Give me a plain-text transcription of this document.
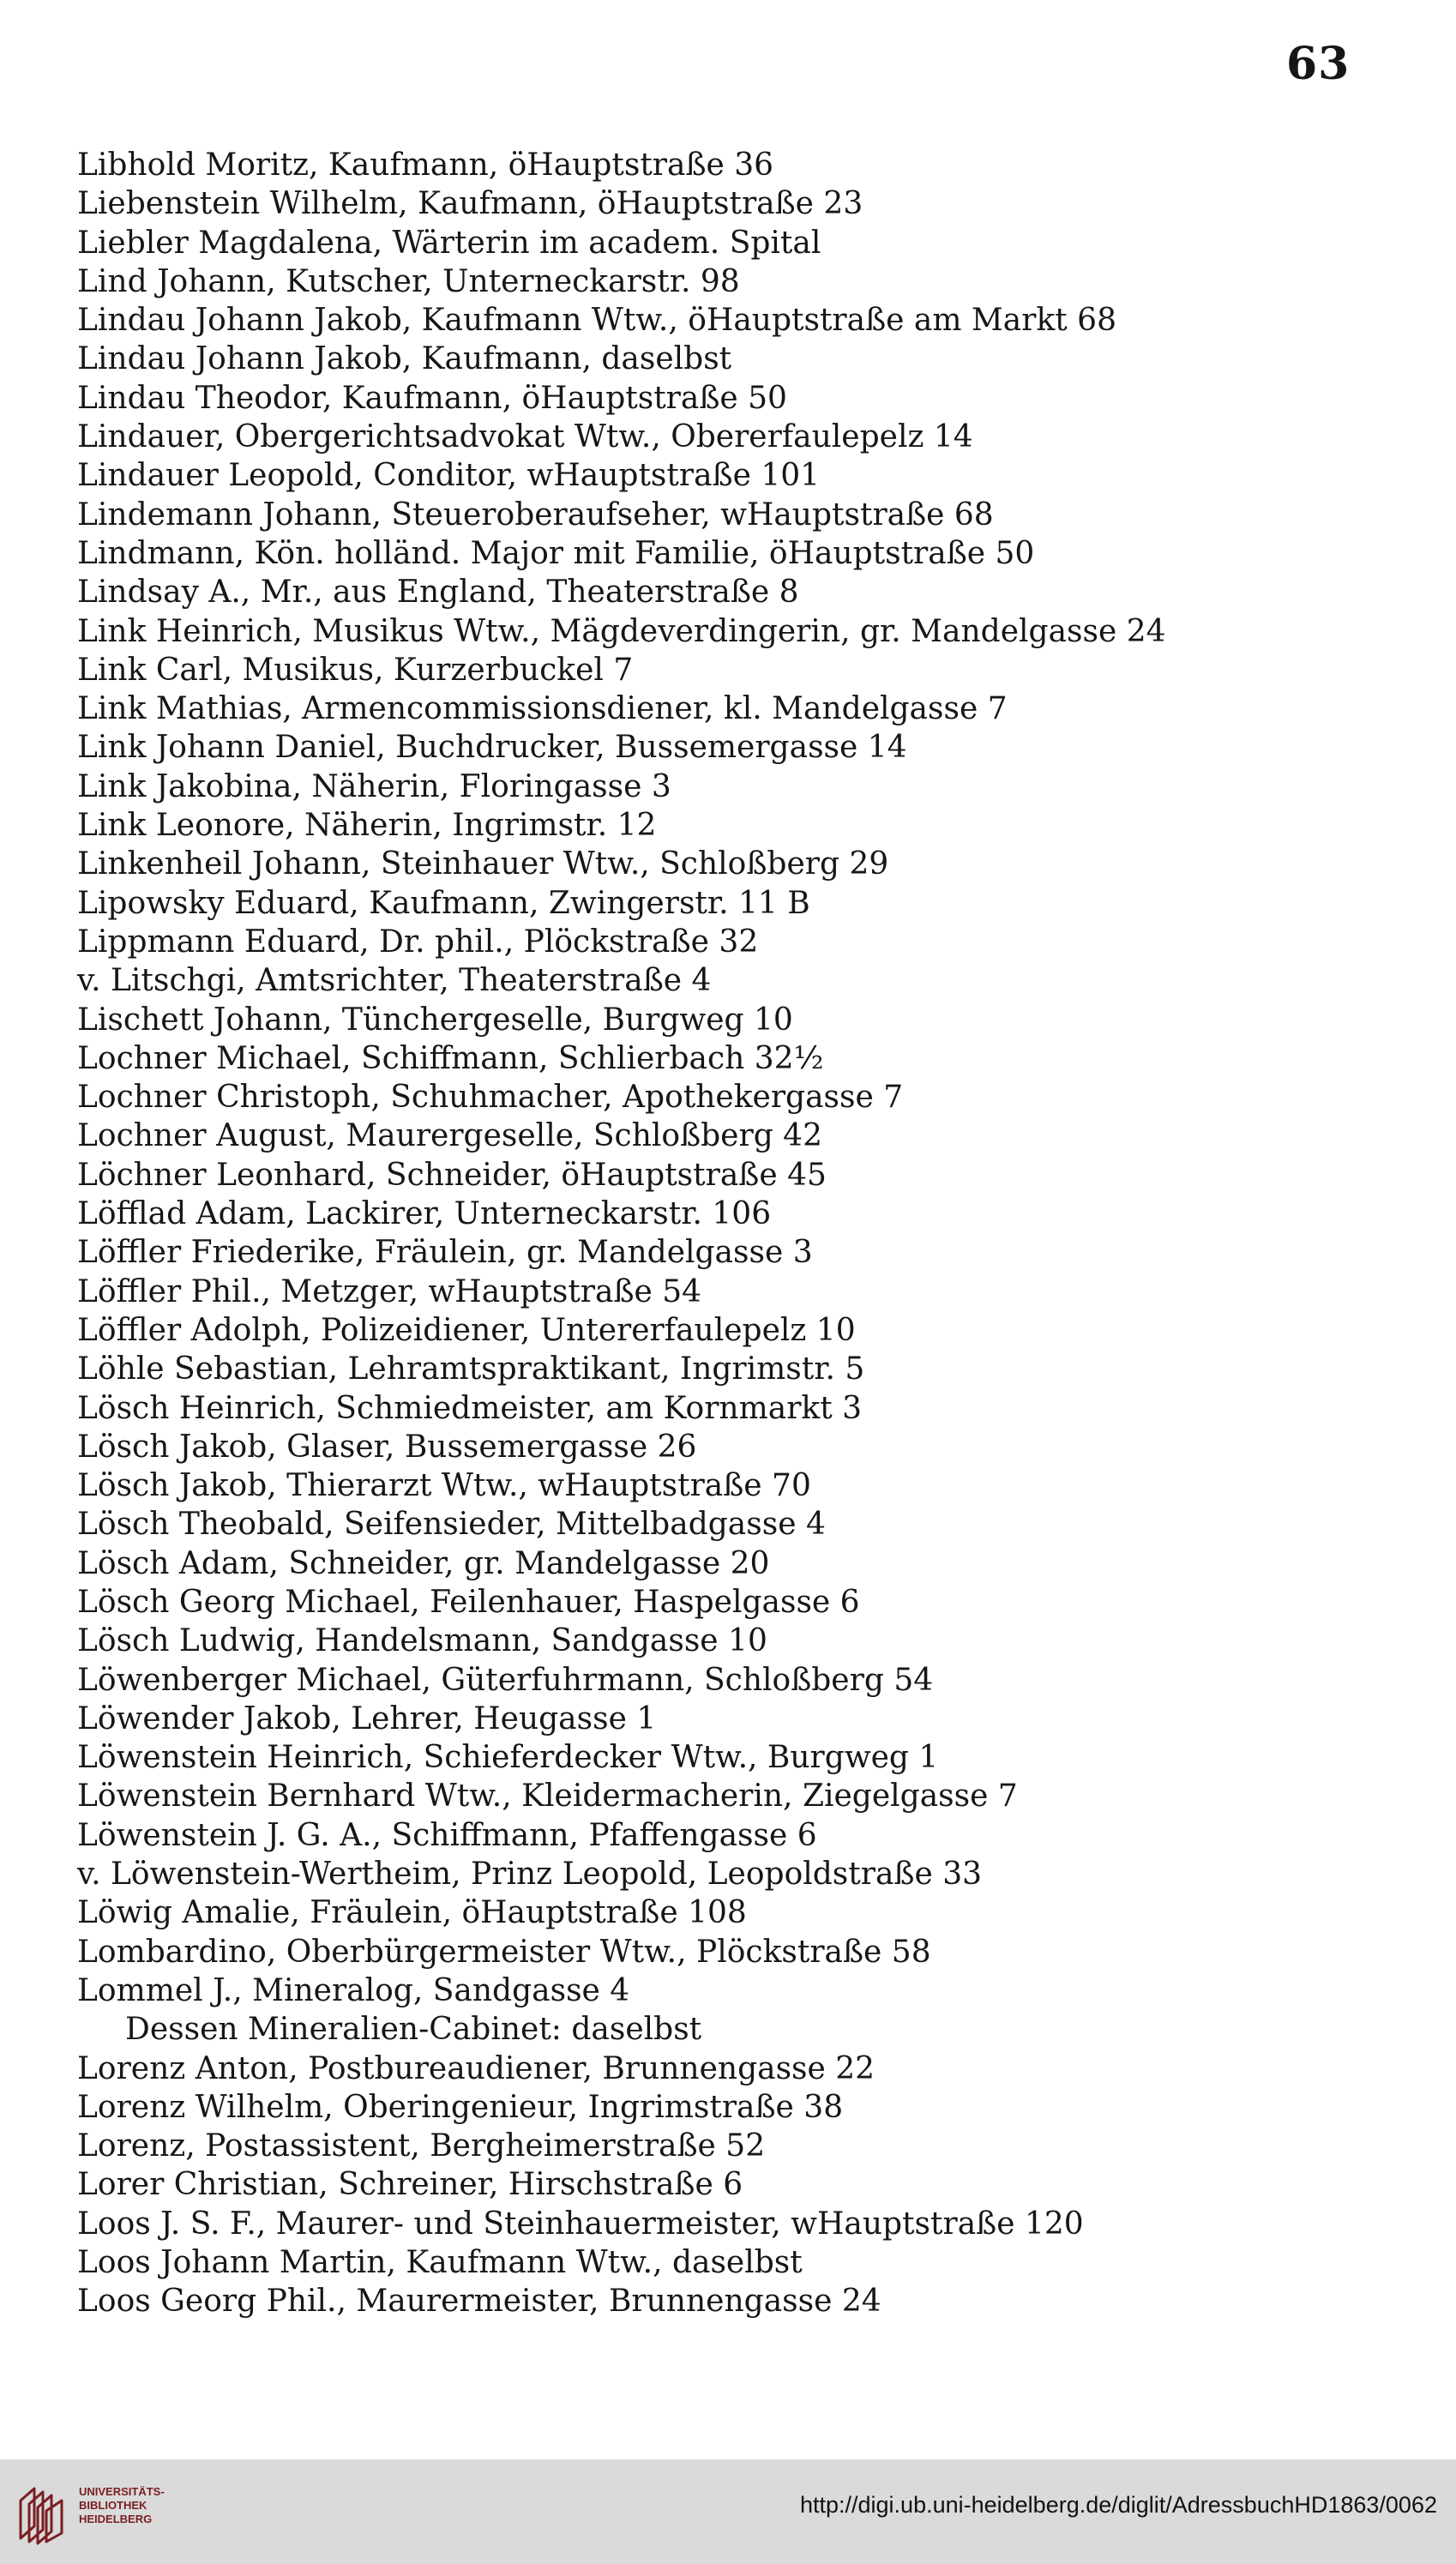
63
Libhold Moritz, Kaufmann, öHauptstraße 36
Liebenstein Wilhelm, Kaufmann, öHauptstraße 23
Liebler Magdalena, Wärterin im academ. Spital
Lind Johann, Kutscher, Unterneckarstr. 98
Lindau Johann Jakob, Kaufmann Wtw., öHauptstraße am Markt 68
Lindau Johann Jakob, Kaufmann, daselbst
Lindau Theodor, Kaufmann, öHauptstraße 50
Lindauer, Obergerichtsadvokat Wtw., Obererfaulepelz 14
Lindauer Leopold, Conditor, wHauptstraße 101
Lindemann Johann, Steueroberaufseher, wHauptstraße 68
Lindmann, Kön. holländ. Major mit Familie, öHauptstraße 50
Lindsay A., Mr., aus England, Theaterstraße 8
Link Heinrich, Musikus Wtw., Mägdeverdingerin, gr. Mandelgasse 24
Link Carl, Musikus, Kurzerbuckel 7
Link Mathias, Armencommissionsdiener, kl. Mandelgasse 7
Link Johann Daniel, Buchdrucker, Bussemergasse 14
Link Jakobina, Näherin, Floringasse 3
Link Leonore, Näherin, Ingrimstr. 12
Linkenheil Johann, Steinhauer Wtw., Schloßberg 29
Lipowsky Eduard, Kaufmann, Zwingerstr. 11 B
Lippmann Eduard, Dr. phil., Plöckstraße 32
v. Litschgi, Amtsrichter, Theaterstraße 4
Lischett Johann, Tünchergeselle, Burgweg 10
Lochner Michael, Schiffmann, Schlierbach 32½
Lochner Christoph, Schuhmacher, Apothekergasse 7
Lochner August, Maurergeselle, Schloßberg 42
Löchner Leonhard, Schneider, öHauptstraße 45
Löfflad Adam, Lackirer, Unterneckarstr. 106
Löffler Friederike, Fräulein, gr. Mandelgasse 3
Löffler Phil., Metzger, wHauptstraße 54
Löffler Adolph, Polizeidiener, Untererfaulepelz 10
Löhle Sebastian, Lehramtspraktikant, Ingrimstr. 5
Lösch Heinrich, Schmiedmeister, am Kornmarkt 3
Lösch Jakob, Glaser, Bussemergasse 26
Lösch Jakob, Thierarzt Wtw., wHauptstraße 70
Lösch Theobald, Seifensieder, Mittelbadgasse 4
Lösch Adam, Schneider, gr. Mandelgasse 20
Lösch Georg Michael, Feilenhauer, Haspelgasse 6
Lösch Ludwig, Handelsmann, Sandgasse 10
Löwenberger Michael, Güterfuhrmann, Schloßberg 54
Löwender Jakob, Lehrer, Heugasse 1
Löwenstein Heinrich, Schieferdecker Wtw., Burgweg 1
Löwenstein Bernhard Wtw., Kleidermacherin, Ziegelgasse 7
Löwenstein J. G. A., Schiffmann, Pfaffengasse 6
v. Löwenstein-Wertheim, Prinz Leopold, Leopoldstraße 33
Löwig Amalie, Fräulein, öHauptstraße 108
Lombardino, Oberbürgermeister Wtw., Plöckstraße 58
Lommel J., Mineralog, Sandgasse 4
Dessen Mineralien-Cabinet: daselbst
Lorenz Anton, Postbureaudiener, Brunnengasse 22
Lorenz Wilhelm, Oberingenieur, Ingrimstraße 38
Lorenz, Postassistent, Bergheimerstraße 52
Lorer Christian, Schreiner, Hirschstraße 6
Loos J. S. F., Maurer- und Steinhauermeister, wHauptstraße 120
Loos Johann Martin, Kaufmann Wtw., daselbst
Loos Georg Phil., Maurermeister, Brunnengasse 24
UNIVERSITÄTS-
BIBLIOTHEK
HEIDELBERG
http://digi.ub.uni-heidelberg.de/diglit/AdressbuchHD1863/0062
